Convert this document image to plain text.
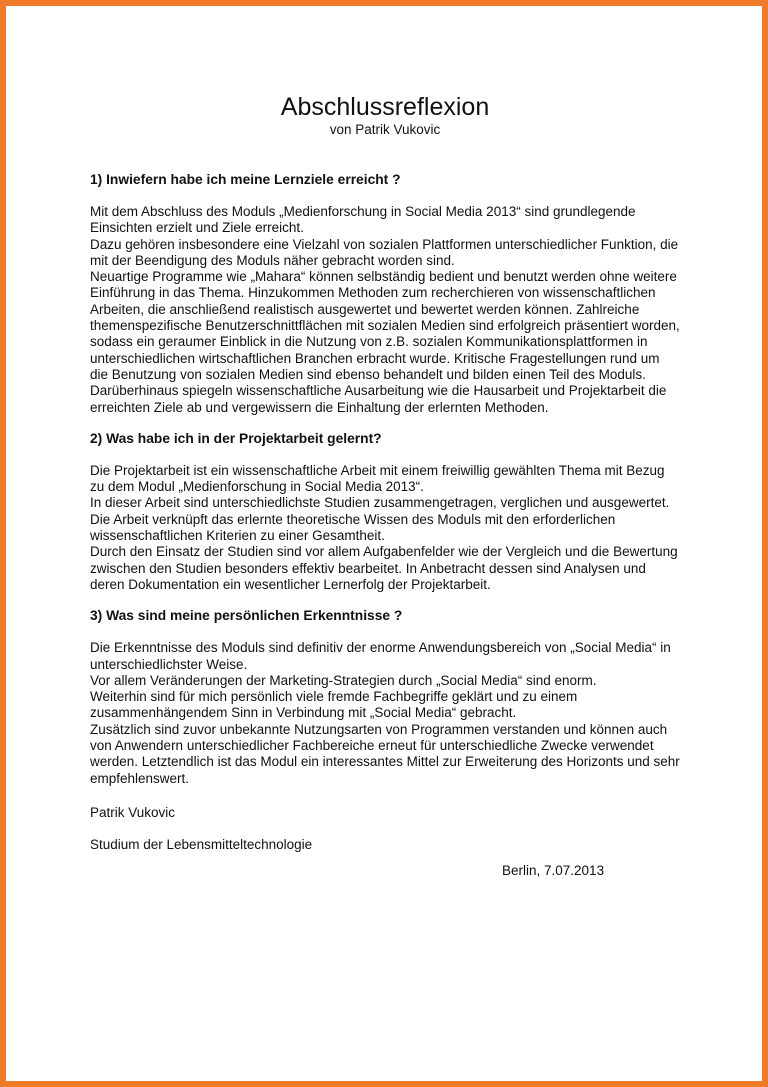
Abschlussreflexion

von Patrik Vukovic

1) Inwiefern habe ich meine Lernziele erreicht ?

Mit dem Abschluss des Moduls „Medienforschung in Social Media 2013“ sind grundlegende Einsichten erzielt und Ziele erreicht.

Dazu gehören insbesondere eine Vielzahl von sozialen Plattformen unterschiedlicher Funktion, die mit der Beendigung des Moduls näher gebracht worden sind.

Neuartige Programme wie „Mahara“ können selbständig bedient und benutzt werden ohne weitere Einführung in das Thema. Hinzukommen Methoden zum recherchieren von wissenschaftlichen Arbeiten, die anschließend realistisch ausgewertet und bewertet werden können. Zahlreiche themenspezifische Benutzerschnittflächen mit sozialen Medien sind erfolgreich präsentiert worden, sodass ein geraumer Einblick in die Nutzung von z.B. sozialen Kommunikationsplattformen in unterschiedlichen wirtschaftlichen Branchen erbracht wurde. Kritische Fragestellungen rund um die Benutzung von sozialen Medien sind ebenso behandelt und bilden einen Teil des Moduls. Darüberhinaus spiegeln wissenschaftliche Ausarbeitung wie die Hausarbeit und Projektarbeit die erreichten Ziele ab und vergewissern die Einhaltung der erlernten Methoden.

2) Was habe ich in der Projektarbeit gelernt?

Die Projektarbeit ist ein wissenschaftliche Arbeit mit einem freiwillig gewählten Thema mit Bezug zu dem Modul „Medienforschung in Social Media 2013“.

In dieser Arbeit sind unterschiedlichste Studien zusammengetragen, verglichen und ausgewertet. Die Arbeit verknüpft das erlernte theoretische Wissen des Moduls mit den erforderlichen wissenschaftlichen Kriterien zu einer Gesamtheit.

Durch den Einsatz der Studien sind vor allem Aufgabenfelder wie der Vergleich und die Bewertung zwischen den Studien besonders effektiv bearbeitet. In Anbetracht dessen sind Analysen und deren Dokumentation ein wesentlicher Lernerfolg der Projektarbeit.

3) Was sind meine persönlichen Erkenntnisse ?

Die Erkenntnisse des Moduls sind definitiv der enorme Anwendungsbereich von „Social Media“ in unterschiedlichster Weise.

Vor allem Veränderungen der Marketing-Strategien durch „Social Media“ sind enorm.

Weiterhin sind für mich persönlich viele fremde Fachbegriffe geklärt und zu einem zusammenhängendem Sinn in Verbindung mit „Social Media“ gebracht.

Zusätzlich sind zuvor unbekannte Nutzungsarten von Programmen verstanden und können auch von Anwendern unterschiedlicher Fachbereiche erneut für unterschiedliche Zwecke verwendet werden. Letztendlich ist das Modul ein interessantes Mittel zur Erweiterung des Horizonts und sehr empfehlenswert.

Patrik Vukovic

Studium der Lebensmitteltechnologie

Berlin, 7.07.2013
